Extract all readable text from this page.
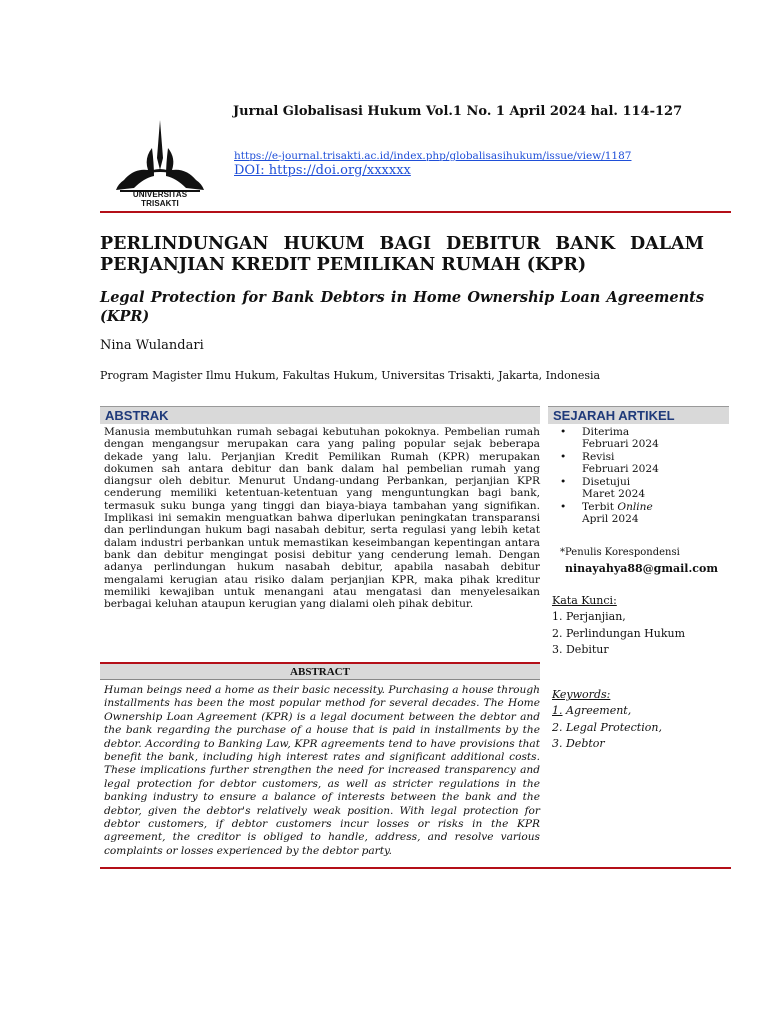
UNIVERSITAS TRISAKTI
Jurnal Globalisasi Hukum Vol.1 No. 1 April 2024 hal. 114-127
https://e-journal.trisakti.ac.id/index.php/globalisasihukum/issue/view/1187
DOI: https://doi.org/xxxxxx
PERLINDUNGAN HUKUM BAGI DEBITUR BANK DALAM
PERJANJIAN KREDIT PEMILIKAN RUMAH (KPR)
Legal Protection for Bank Debtors in Home Ownership Loan Agreements
(KPR)
Nina Wulandari
Program Magister Ilmu Hukum, Fakultas Hukum, Universitas Trisakti, Jakarta, Indonesia
ABSTRAK	SEJARAH ARTIKEL
Manusia membutuhkan rumah sebagai kebutuhan pokoknya. Pembelian rumah dengan mengangsur merupakan cara yang paling popular sejak beberapa dekade yang lalu. Perjanjian Kredit Pemilikan Rumah (KPR) merupakan dokumen sah antara debitur dan bank dalam hal pembelian rumah yang diangsur oleh debitur. Menurut Undang-undang Perbankan, perjanjian KPR cenderung memiliki ketentuan-ketentuan yang menguntungkan bagi bank, termasuk suku bunga yang tinggi dan biaya-biaya tambahan yang signifikan. Implikasi ini semakin menguatkan bahwa diperlukan peningkatan transparansi dan perlindungan hukum bagi nasabah debitur, serta regulasi yang lebih ketat dalam industri perbankan untuk memastikan keseimbangan kepentingan antara bank dan debitur mengingat posisi debitur yang cenderung lemah. Dengan adanya perlindungan hukum nasabah debitur, apabila nasabah debitur mengalami kerugian atau risiko dalam perjanjian KPR, maka pihak kreditur memiliki kewajiban untuk menangani atau mengatasi dan menyelesaikan berbagai keluhan ataupun kerugian yang dialami oleh pihak debitur.
• Diterima
Februari 2024
• Revisi
Februari 2024
• Disetujui
Maret 2024
• Terbit Online
April 2024
*Penulis Korespondensi
ninayahya88@gmail.com
Kata Kunci:
1. Perjanjian,
2. Perlindungan Hukum
3. Debitur
ABSTRACT
Human beings need a home as their basic necessity. Purchasing a house through installments has been the most popular method for several decades. The Home Ownership Loan Agreement (KPR) is a legal document between the debtor and the bank regarding the purchase of a house that is paid in installments by the debtor. According to Banking Law, KPR agreements tend to have provisions that benefit the bank, including high interest rates and significant additional costs. These implications further strengthen the need for increased transparency and legal protection for debtor customers, as well as stricter regulations in the banking industry to ensure a balance of interests between the bank and the debtor, given the debtor's relatively weak position. With legal protection for debtor customers, if debtor customers incur losses or risks in the KPR agreement, the creditor is obliged to handle, address, and resolve various complaints or losses experienced by the debtor party.
Keywords:
1. Agreement,
2. Legal Protection,
3. Debtor
